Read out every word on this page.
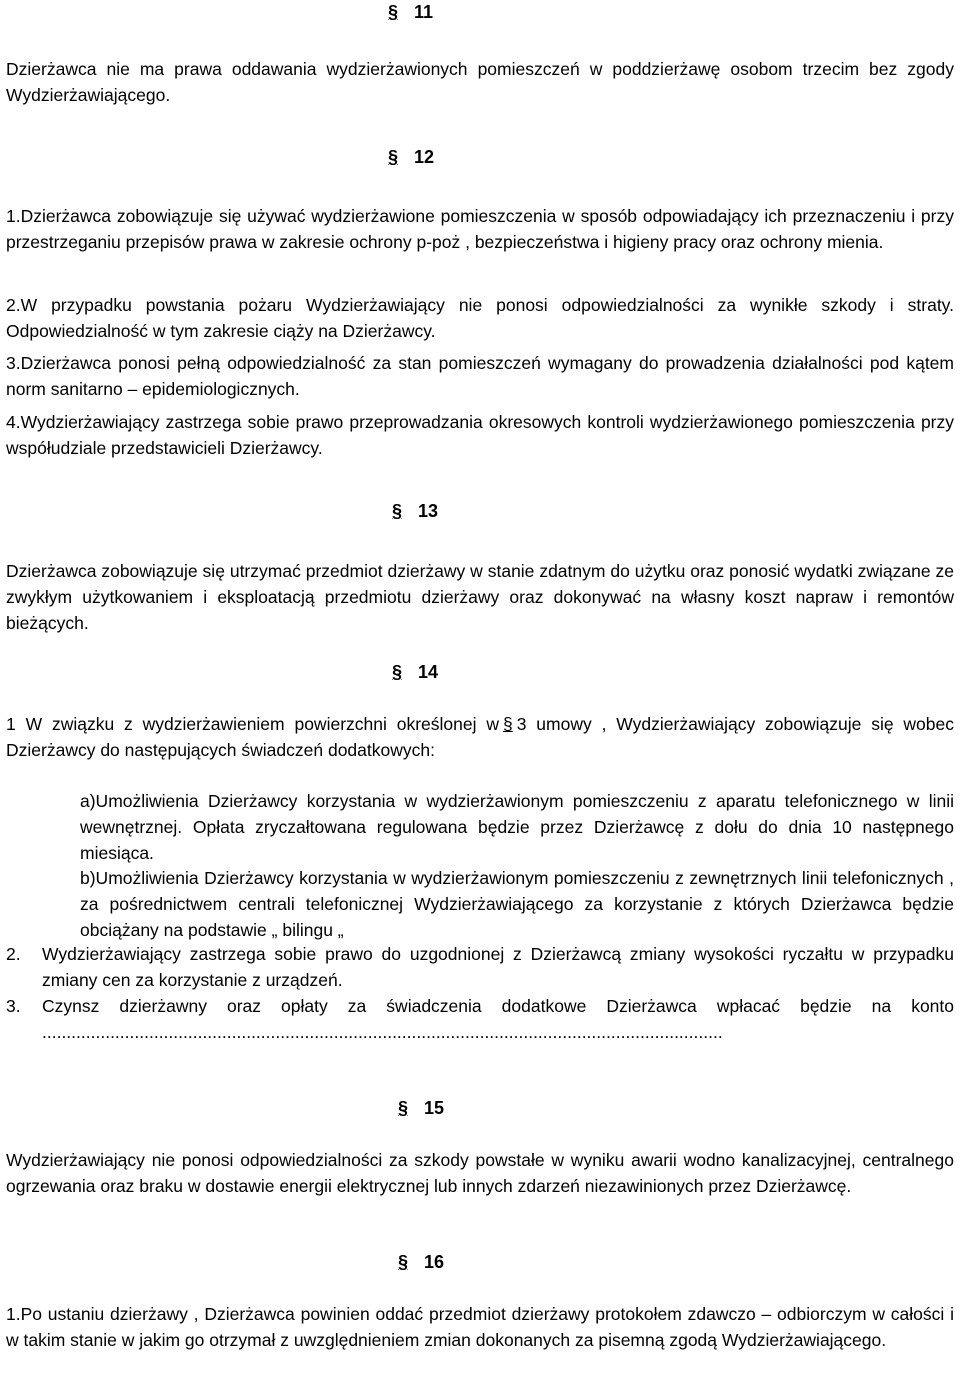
§ 11

Dzierżawca nie ma prawa oddawania wydzierżawionych pomieszczeń w poddzierżawę osobom trzecim bez zgody Wydzierżawiającego.

§ 12

1.Dzierżawca zobowiązuje się używać wydzierżawione pomieszczenia w sposób odpowiadający ich przeznaczeniu i przy przestrzeganiu przepisów prawa w zakresie ochrony p-poż , bezpieczeństwa i higieny pracy oraz ochrony mienia.

2.W przypadku powstania pożaru Wydzierżawiający nie ponosi odpowiedzialności za wynikłe szkody i straty. Odpowiedzialność w tym zakresie ciąży na Dzierżawcy.

3.Dzierżawca ponosi pełną odpowiedzialność za stan pomieszczeń wymagany do prowadzenia działalności pod kątem norm sanitarno – epidemiologicznych.

4.Wydzierżawiający zastrzega sobie prawo przeprowadzania okresowych kontroli wydzierżawionego pomieszczenia przy współudziale przedstawicieli Dzierżawcy.

§ 13

Dzierżawca zobowiązuje się utrzymać przedmiot dzierżawy w stanie zdatnym do użytku oraz ponosić wydatki związane ze zwykłym użytkowaniem i eksploatacją przedmiotu dzierżawy oraz dokonywać na własny koszt napraw i remontów bieżących.

§ 14

1 W związku z wydzierżawieniem powierzchni określonej w § 3 umowy , Wydzierżawiający zobowiązuje się wobec Dzierżawcy do następujących świadczeń dodatkowych:

a)Umożliwienia Dzierżawcy korzystania w wydzierżawionym pomieszczeniu z aparatu telefonicznego w linii wewnętrznej. Opłata zryczałtowana regulowana będzie przez Dzierżawcę z dołu do dnia 10 następnego miesiąca.

b)Umożliwienia Dzierżawcy korzystania w wydzierżawionym pomieszczeniu z zewnętrznych linii telefonicznych , za pośrednictwem centrali telefonicznej Wydzierżawiającego za korzystanie z których Dzierżawca będzie obciążany na podstawie „ bilingu „

2. Wydzierżawiający zastrzega sobie prawo do uzgodnionej z Dzierżawcą zmiany wysokości ryczałtu w przypadku zmiany cen za korzystanie z urządzeń.
3. Czynsz dzierżawny oraz opłaty za świadczenia dodatkowe Dzierżawca wpłacać będzie na konto ............................................................................................................................................
§ 15

Wydzierżawiający nie ponosi odpowiedzialności za szkody powstałe w wyniku awarii wodno kanalizacyjnej, centralnego ogrzewania oraz braku w dostawie energii elektrycznej lub innych zdarzeń niezawinionych przez Dzierżawcę.

§ 16

1.Po ustaniu dzierżawy , Dzierżawca powinien oddać przedmiot dzierżawy protokołem zdawczo – odbiorczym w całości i w takim stanie w jakim go otrzymał z uwzględnieniem zmian dokonanych za pisemną zgodą Wydzierżawiającego.
